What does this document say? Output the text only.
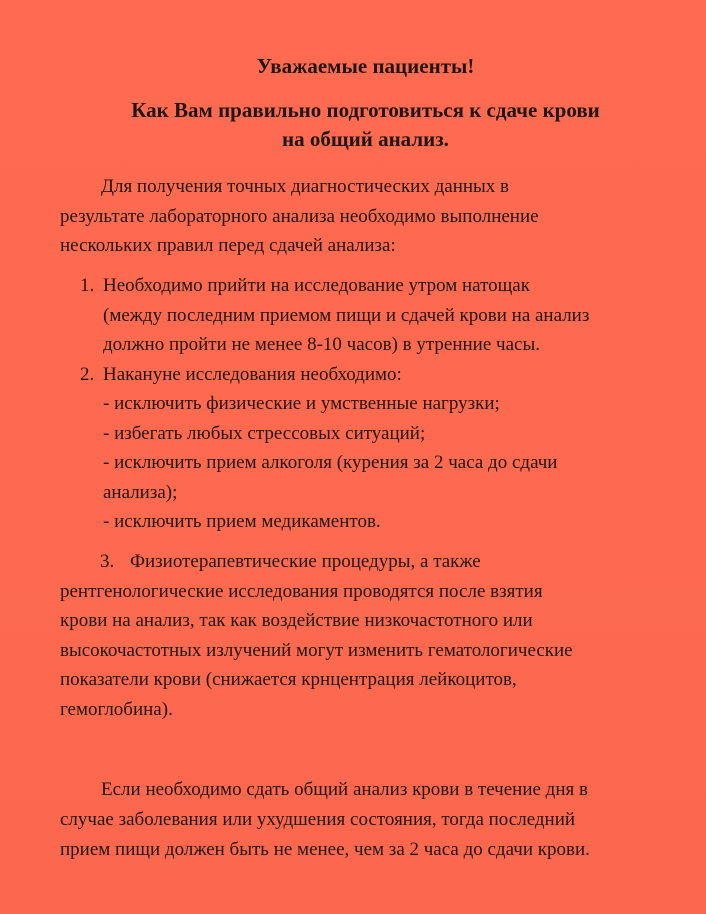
Уважаемые пациенты!
Как Вам правильно подготовиться к сдаче крови
на общий анализ.

Для получения точных диагностических данных в
результате лабораторного анализа необходимо выполнение
нескольких правил перед сдачей анализа:

1. Необходимо прийти на исследование утром натощак
(между последним приемом пищи и сдачей крови на анализ
должно пройти не менее 8-10 часов) в утренние часы.
2. Накануне исследования необходимо:
- исключить физические и умственные нагрузки;
- избегать любых стрессовых ситуаций;
- исключить прием алкоголя (курения за 2 часа до сдачи
анализа);
- исключить прием медикаментов.
3. Физиотерапевтические процедуры, а также
рентгенологические исследования проводятся после взятия
крови на анализ, так как воздействие низкочастотного или
высокочастотных излучений могут изменить гематологические
показатели крови (снижается крнцентрация лейкоцитов,
гемоглобина).

Если необходимо сдать общий анализ крови в течение дня в
случае заболевания или ухудшения состояния, тогда последний
прием пищи должен быть не менее, чем за 2 часа до сдачи крови.
